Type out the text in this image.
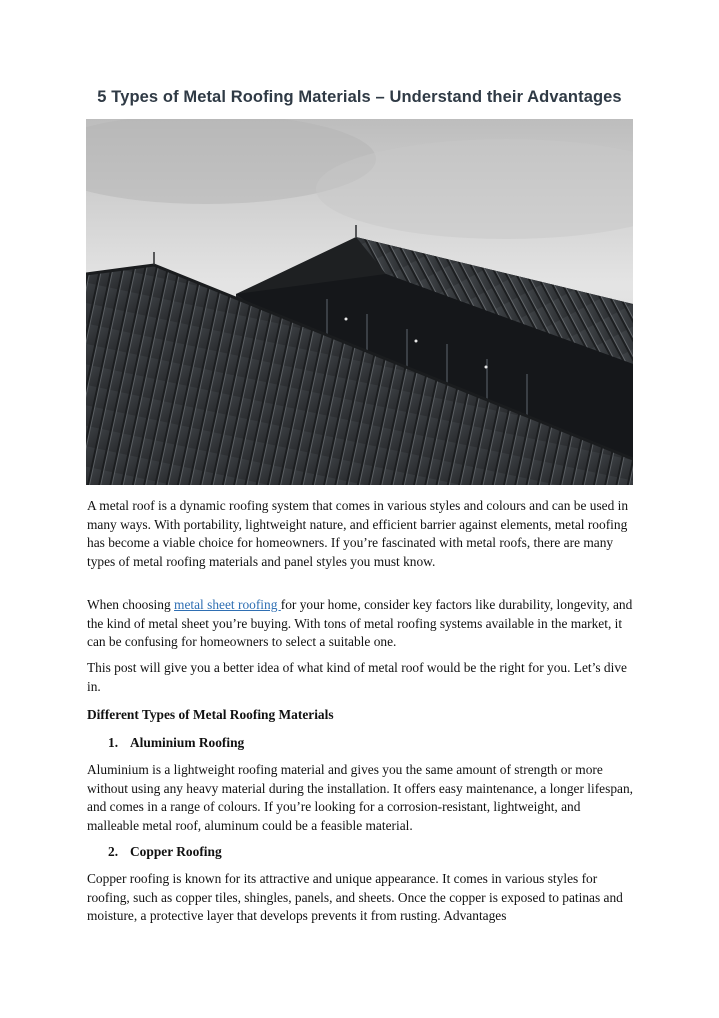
5 Types of Metal Roofing Materials – Understand their Advantages
A metal roof is a dynamic roofing system that comes in various styles and colours and can be used in many ways. With portability, lightweight nature, and efficient barrier against elements, metal roofing has become a viable choice for homeowners. If you’re fascinated with metal roofs, there are many types of metal roofing materials and panel styles you must know.
When choosing metal sheet roofing for your home, consider key factors like durability, longevity, and the kind of metal sheet you’re buying. With tons of metal roofing systems available in the market, it can be confusing for homeowners to select a suitable one.
This post will give you a better idea of what kind of metal roof would be the right for you. Let’s dive in.
Different Types of Metal Roofing Materials
1. Aluminium Roofing
Aluminium is a lightweight roofing material and gives you the same amount of strength or more without using any heavy material during the installation. It offers easy maintenance, a longer lifespan, and comes in a range of colours. If you’re looking for a corrosion-resistant, lightweight, and malleable metal roof, aluminum could be a feasible material.
2. Copper Roofing
Copper roofing is known for its attractive and unique appearance. It comes in various styles for roofing, such as copper tiles, shingles, panels, and sheets. Once the copper is exposed to patinas and moisture, a protective layer that develops prevents it from rusting. Advantages
